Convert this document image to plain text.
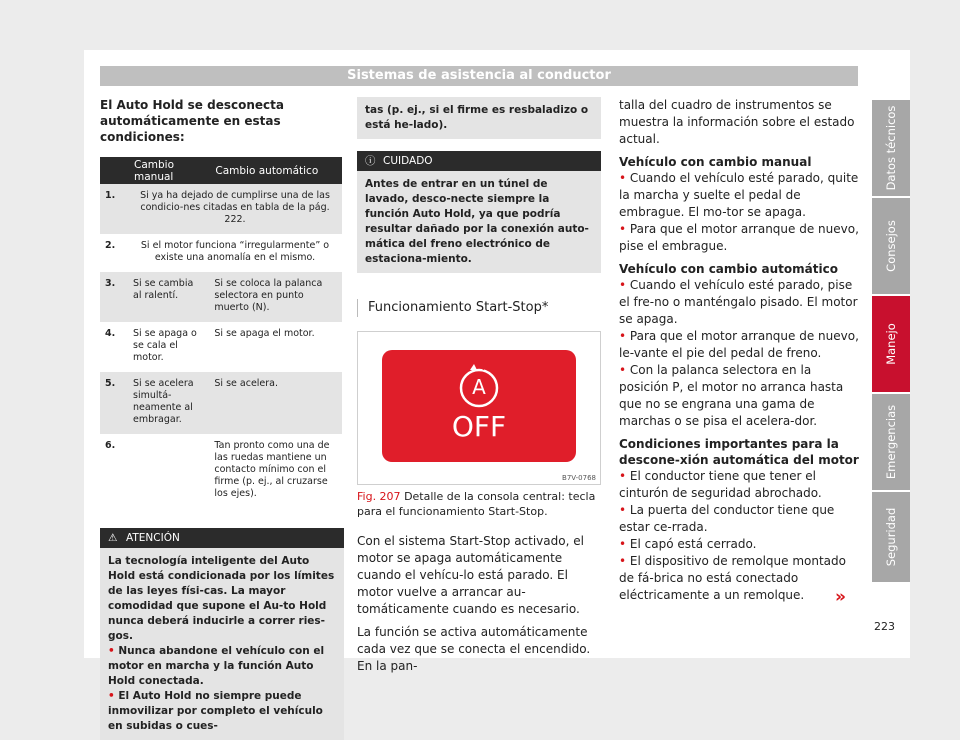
Sistemas de asistencia al conductor
El Auto Hold se desconecta automáticamente en estas condiciones:
	Cambio manual	Cambio automático
1.	Si ya ha dejado de cumplirse una de las condicio-nes citadas en tabla de la pág. 222.	
2.	Si el motor funciona “irregularmente” o existe una anomalía en el mismo.	
3.	Si se cambia al ralentí.	Si se coloca la palanca selectora en punto muerto (N).
4.	Si se apaga o se cala el motor.	Si se apaga el motor.
5.	Si se acelera simultá-neamente al embragar.	Si se acelera.
6.		Tan pronto como una de las ruedas mantiene un contacto mínimo con el firme (p. ej., al cruzarse los ejes).
⚠ ATENCIÓN
La tecnología inteligente del Auto Hold está condicionada por los límites de las leyes físi-cas. La mayor comodidad que supone el Au-to Hold nunca deberá inducirle a correr ries-gos.
• Nunca abandone el vehículo con el motor en marcha y la función Auto Hold conectada.
• El Auto Hold no siempre puede inmovilizar por completo el vehículo en subidas o cues-
tas (p. ej., si el firme es resbaladizo o está he-lado).
ⓘ CUIDADO
Antes de entrar en un túnel de lavado, desco-necte siempre la función Auto Hold, ya que podría resultar dañado por la conexión auto-mática del freno electrónico de estaciona-miento.
Funcionamiento Start-Stop*
A
OFF
B7V-0768
Fig. 207 Detalle de la consola central: tecla para el funcionamiento Start-Stop.
Con el sistema Start-Stop activado, el motor se apaga automáticamente cuando el vehícu-lo está parado. El motor vuelve a arrancar au-tomáticamente cuando es necesario.
La función se activa automáticamente cada vez que se conecta el encendido. En la pan-
talla del cuadro de instrumentos se muestra la información sobre el estado actual.
Vehículo con cambio manual
• Cuando el vehículo esté parado, quite la marcha y suelte el pedal de embrague. El mo-tor se apaga.
• Para que el motor arranque de nuevo, pise el embrague.
Vehículo con cambio automático
• Cuando el vehículo esté parado, pise el fre-no o manténgalo pisado. El motor se apaga.
• Para que el motor arranque de nuevo, le-vante el pie del pedal de freno.
• Con la palanca selectora en la posición P, el motor no arranca hasta que no se engrana una gama de marchas o se pisa el acelera-dor.
Condiciones importantes para la descone-xión automática del motor
• El conductor tiene que tener el cinturón de seguridad abrochado.
• La puerta del conductor tiene que estar ce-rrada.
• El capó está cerrado.
• El dispositivo de remolque montado de fá-brica no está conectado eléctricamente a un remolque.	»
Datos técnicos
Consejos
Manejo
Emergencias
Seguridad
223
